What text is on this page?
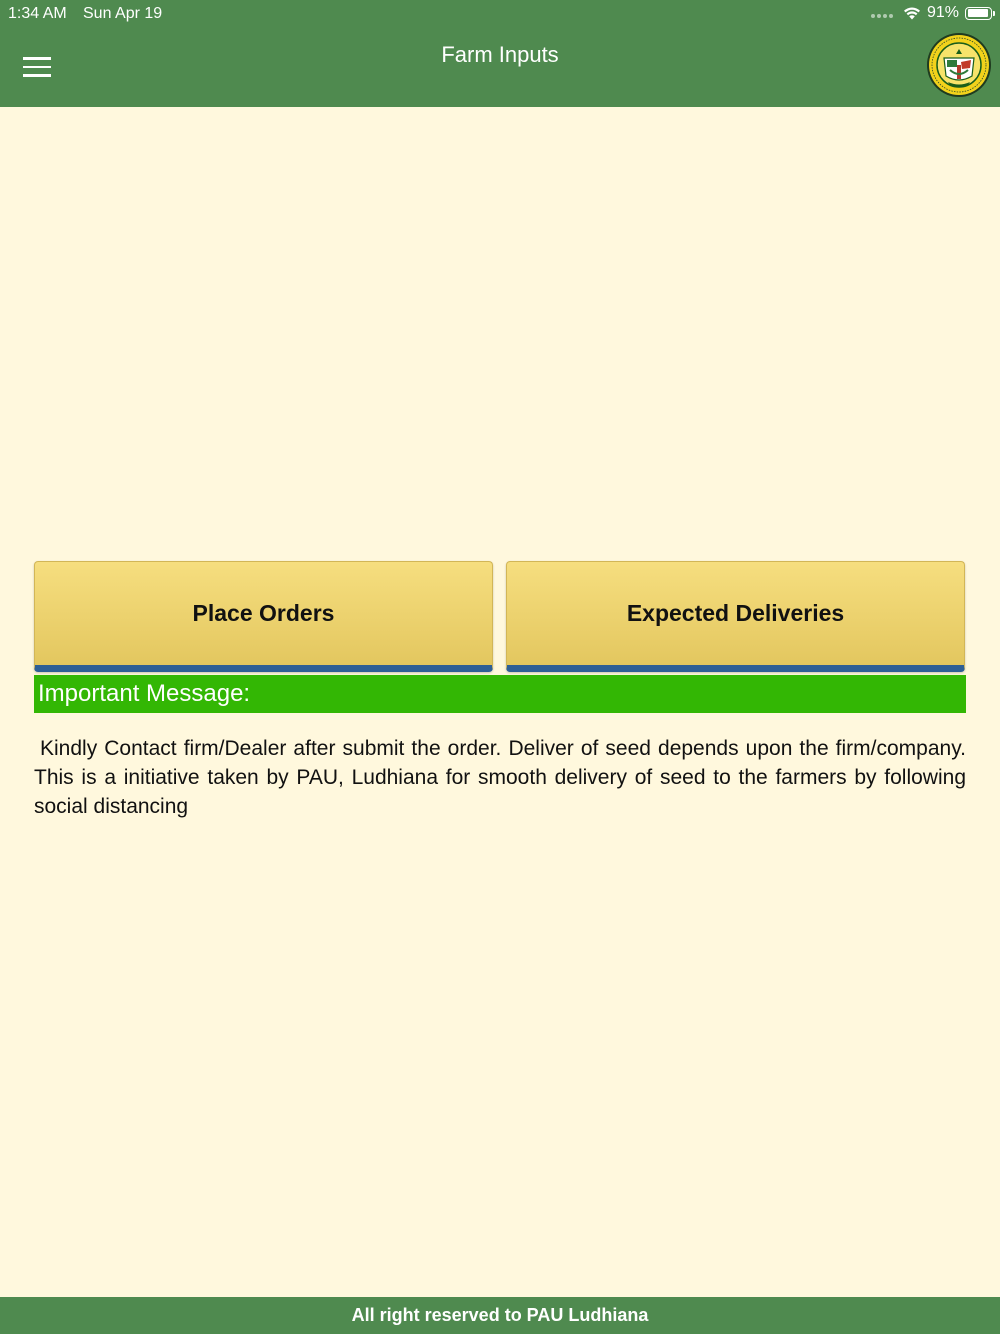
1:34 AM Sun Apr 19	91%
Farm Inputs
Place Orders	Expected Deliveries
Important Message:

Kindly Contact firm/Dealer after submit the order. Deliver of seed depends upon the firm/company. This is a initiative taken by PAU, Ludhiana for smooth delivery of seed to the farmers by following social distancing

All right reserved to PAU Ludhiana
